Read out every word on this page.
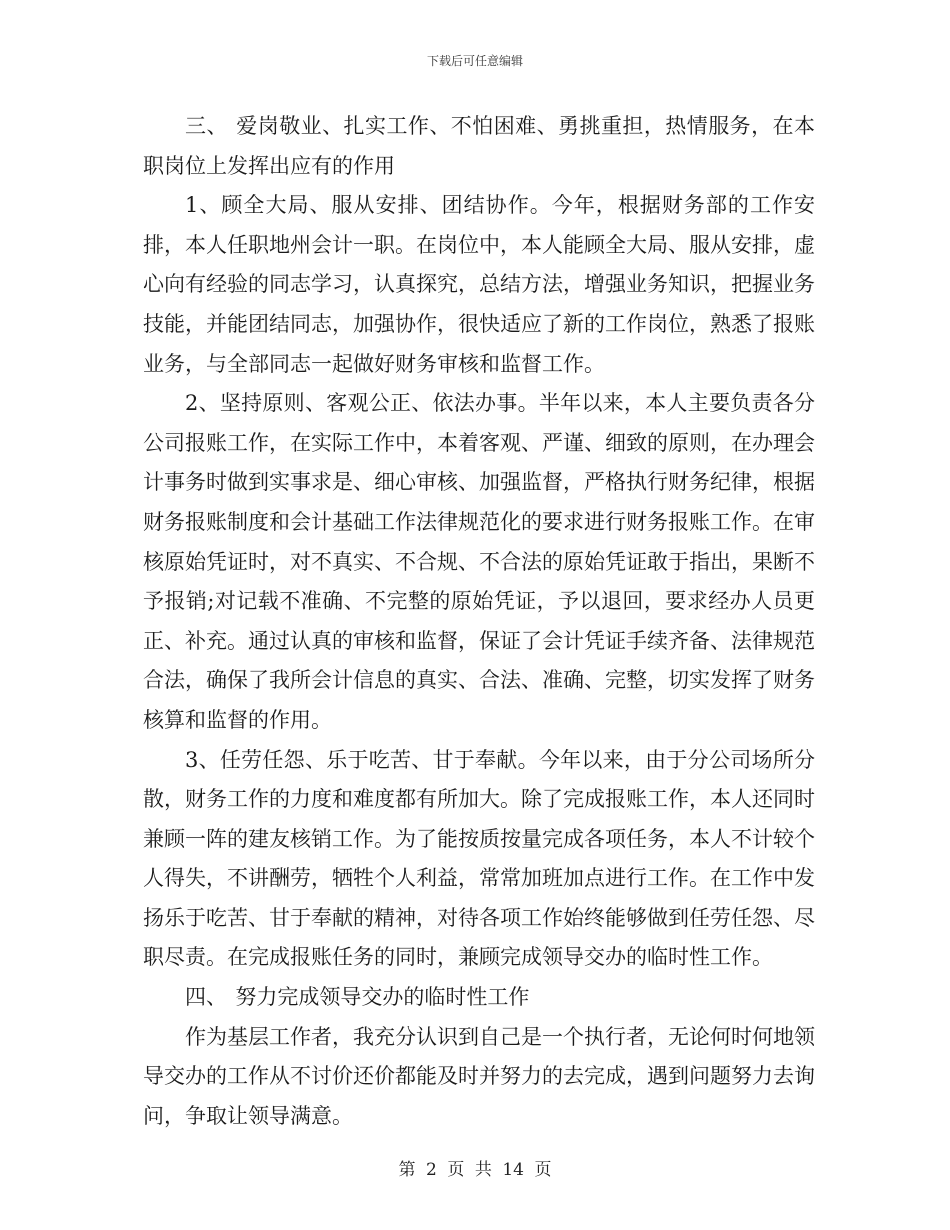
下载后可任意编辑

三、 爱岗敬业、扎实工作、不怕困难、勇挑重担，热情服务，在本职岗位上发挥出应有的作用

1、顾全大局、服从安排、团结协作。今年，根据财务部的工作安排，本人任职地州会计一职。在岗位中，本人能顾全大局、服从安排，虚心向有经验的同志学习，认真探究，总结方法，增强业务知识，把握业务技能，并能团结同志，加强协作，很快适应了新的工作岗位，熟悉了报账业务，与全部同志一起做好财务审核和监督工作。

2、坚持原则、客观公正、依法办事。半年以来，本人主要负责各分公司报账工作，在实际工作中，本着客观、严谨、细致的原则，在办理会计事务时做到实事求是、细心审核、加强监督，严格执行财务纪律，根据财务报账制度和会计基础工作法律规范化的要求进行财务报账工作。在审核原始凭证时，对不真实、不合规、不合法的原始凭证敢于指出，果断不予报销;对记载不准确、不完整的原始凭证，予以退回，要求经办人员更正、补充。通过认真的审核和监督，保证了会计凭证手续齐备、法律规范合法，确保了我所会计信息的真实、合法、准确、完整，切实发挥了财务核算和监督的作用。

3、任劳任怨、乐于吃苦、甘于奉献。今年以来，由于分公司场所分散，财务工作的力度和难度都有所加大。除了完成报账工作，本人还同时兼顾一阵的建友核销工作。为了能按质按量完成各项任务，本人不计较个人得失，不讲酬劳，牺牲个人利益，常常加班加点进行工作。在工作中发扬乐于吃苦、甘于奉献的精神，对待各项工作始终能够做到任劳任怨、尽职尽责。在完成报账任务的同时，兼顾完成领导交办的临时性工作。

四、 努力完成领导交办的临时性工作

作为基层工作者，我充分认识到自己是一个执行者，无论何时何地领导交办的工作从不讨价还价都能及时并努力的去完成，遇到问题努力去询问，争取让领导满意。

第 2 页 共 14 页
